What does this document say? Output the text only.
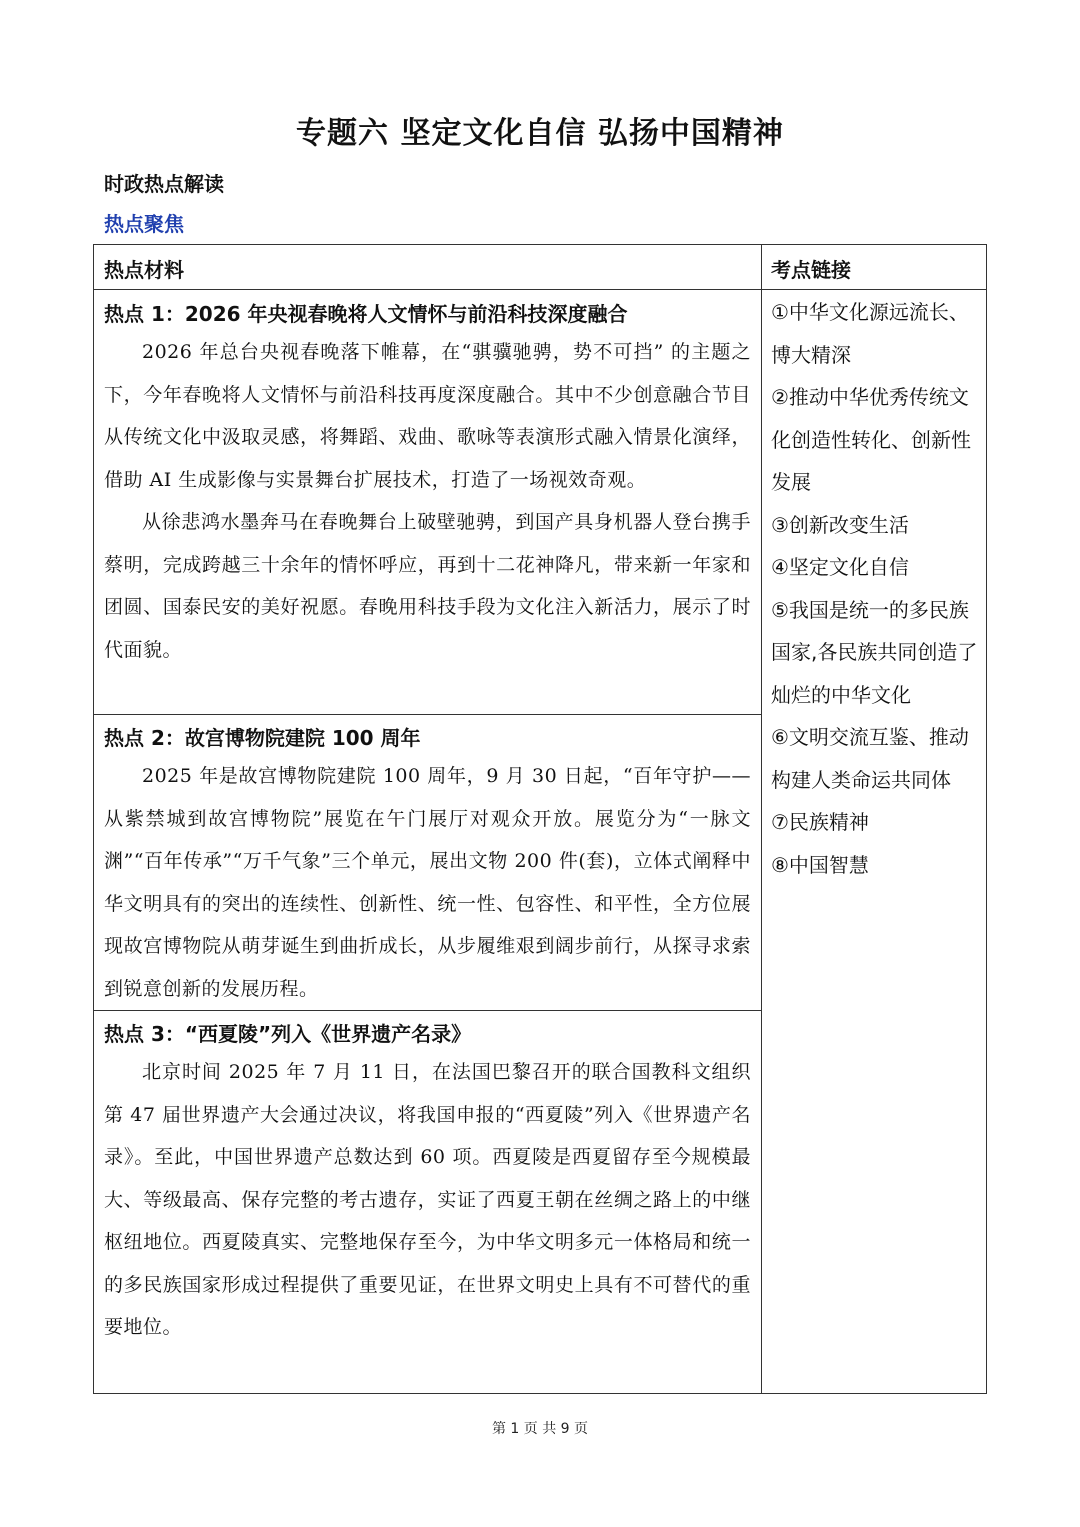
专题六 坚定文化自信 弘扬中国精神
时政热点解读
热点聚焦
热点材料	考点链接
热点 1：2026 年央视春晚将人文情怀与前沿科技深度融合

2026 年总台央视春晚落下帷幕，在“骐骥驰骋，势不可挡” 的主题之下，今年春晚将人文情怀与前沿科技再度深度融合。其中不少创意融合节目从传统文化中汲取灵感，将舞蹈、戏曲、歌咏等表演形式融入情景化演绎，借助 AI 生成影像与实景舞台扩展技术，打造了一场视效奇观。

从徐悲鸿水墨奔马在春晚舞台上破壁驰骋，到国产具身机器人登台携手蔡明，完成跨越三十余年的情怀呼应，再到十二花神降凡，带来新一年家和团圆、国泰民安的美好祝愿。春晚用科技手段为文化注入新活力，展示了时代面貌。

热点 2：故宫博物院建院 100 周年

2025 年是故宫博物院建院 100 周年，9 月 30 日起，“百年守护——从紫禁城到故宫博物院”展览在午门展厅对观众开放。展览分为“一脉文渊”“百年传承”“万千气象”三个单元，展出文物 200 件(套)，立体式阐释中华文明具有的突出的连续性、创新性、统一性、包容性、和平性，全方位展现故宫博物院从萌芽诞生到曲折成长，从步履维艰到阔步前行，从探寻求索到锐意创新的发展历程。

热点 3：“西夏陵”列入《世界遗产名录》

北京时间 2025 年 7 月 11 日，在法国巴黎召开的联合国教科文组织第 47 届世界遗产大会通过决议，将我国申报的“西夏陵”列入《世界遗产名录》。至此，中国世界遗产总数达到 60 项。西夏陵是西夏留存至今规模最大、等级最高、保存完整的考古遗存，实证了西夏王朝在丝绸之路上的中继枢纽地位。西夏陵真实、完整地保存至今，为中华文明多元一体格局和统一的多民族国家形成过程提供了重要见证，在世界文明史上具有不可替代的重要地位。

①中华文化源远流长、博大精深

②推动中华优秀传统文化创造性转化、创新性发展

③创新改变生活

④坚定文化自信

⑤我国是统一的多民族国家,各民族共同创造了灿烂的中华文化

⑥文明交流互鉴、推动构建人类命运共同体

⑦民族精神

⑧中国智慧

第 1 页 共 9 页
